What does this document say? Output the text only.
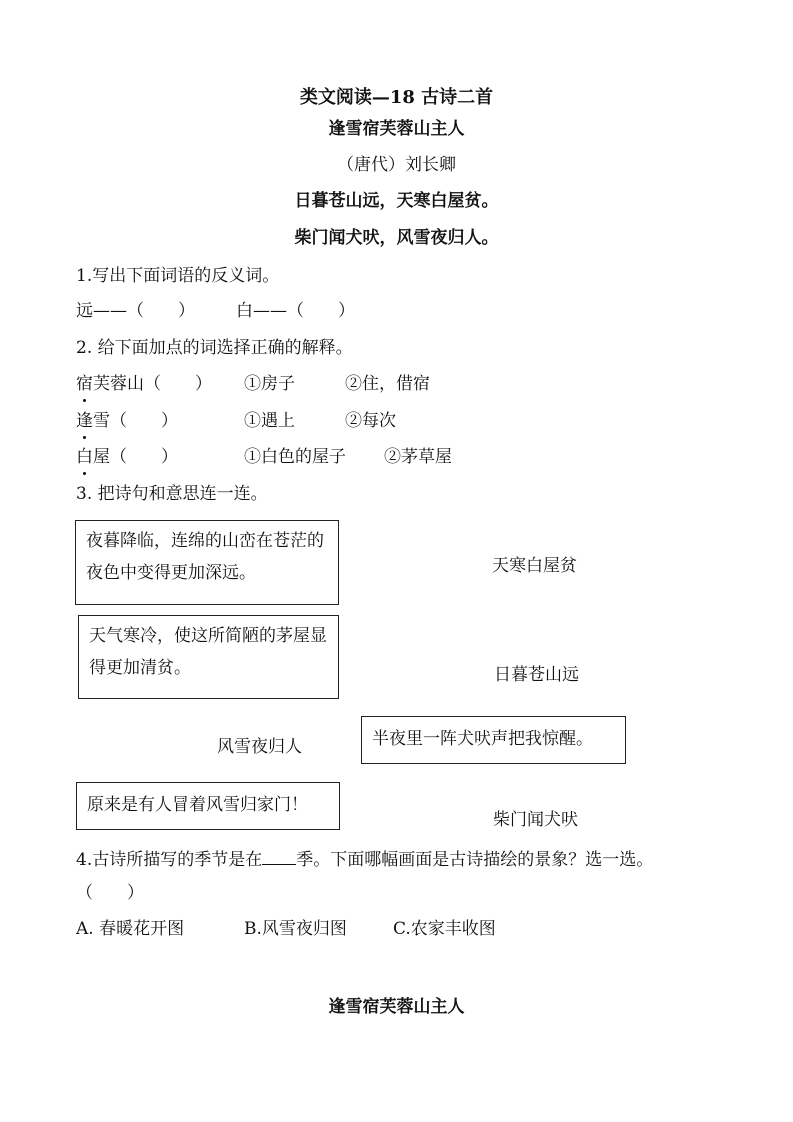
类文阅读—18 古诗二首
逢雪宿芙蓉山主人
（唐代）刘长卿
日暮苍山远，天寒白屋贫。
柴门闻犬吠，风雪夜归人。
1.写出下面词语的反义词。
远——（　　） 白——（　　）
2. 给下面加点的词选择正确的解释。
宿芙蓉山（　　） ①房子	②住，借宿
逢雪（　　）	①遇上	②每次
白屋（　　）	①白色的屋子 ②茅草屋
3. 把诗句和意思连一连。
夜暮降临，连绵的山峦在苍茫的夜色中变得更加深远。
天气寒冷，使这所简陋的茅屋显得更加清贫。
半夜里一阵犬吠声把我惊醒。
原来是有人冒着风雪归家门！
天寒白屋贫
日暮苍山远
风雪夜归人
柴门闻犬吠
4.古诗所描写的季节是在 季。下面哪幅画面是古诗描绘的景象？选一选。
（　　）
A. 春暖花开图	B.风雪夜归图	C.农家丰收图
逢雪宿芙蓉山主人
